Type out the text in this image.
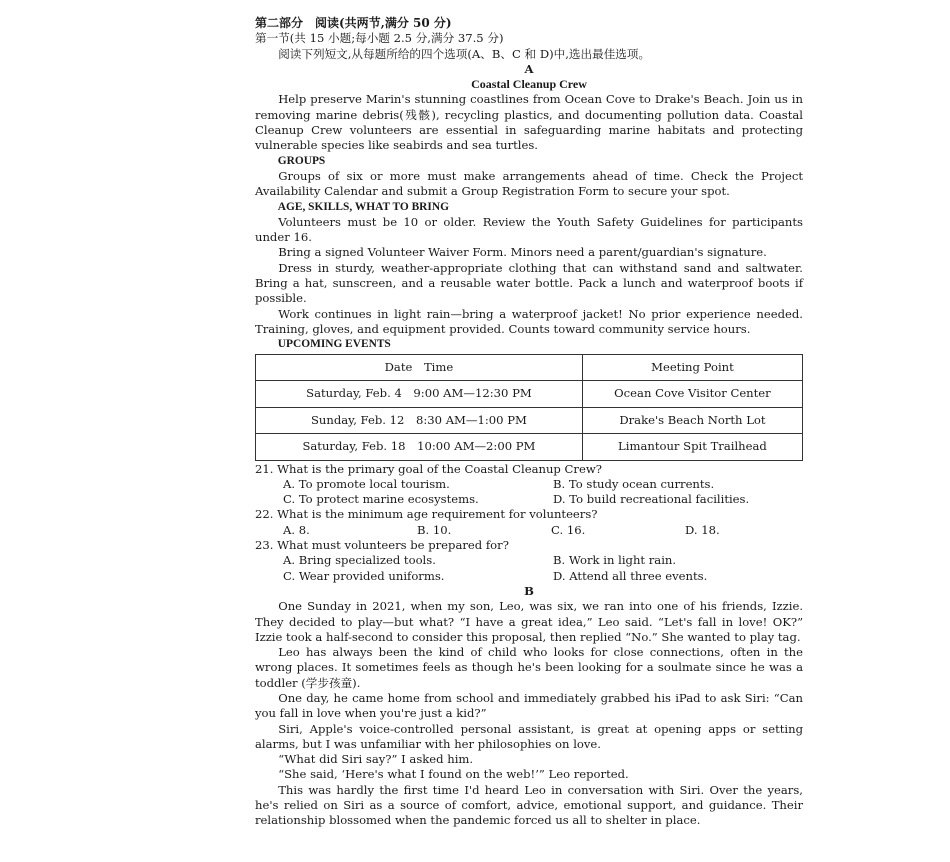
第二部分　阅读(共两节,满分 50 分)
第一节(共 15 小题;每小题 2.5 分,满分 37.5 分)

阅读下列短文,从每题所给的四个选项(A、B、C 和 D)中,选出最佳选项。

A
Coastal Cleanup Crew

Help preserve Marin's stunning coastlines from Ocean Cove to Drake's Beach. Join us in removing marine debris(残骸), recycling plastics, and documenting pollution data. Coastal Cleanup Crew volunteers are essential in safeguarding marine habitats and protecting vulnerable species like seabirds and sea turtles.

GROUPS

Groups of six or more must make arrangements ahead of time. Check the Project Availability Calendar and submit a Group Registration Form to secure your spot.

AGE, SKILLS, WHAT TO BRING

Volunteers must be 10 or older. Review the Youth Safety Guidelines for participants under 16.

Bring a signed Volunteer Waiver Form. Minors need a parent/guardian's signature.

Dress in sturdy, weather-appropriate clothing that can withstand sand and saltwater. Bring a hat, sunscreen, and a reusable water bottle. Pack a lunch and waterproof boots if possible.

Work continues in light rain—bring a waterproof jacket! No prior experience needed. Training, gloves, and equipment provided. Counts toward community service hours.

UPCOMING EVENTS
Date　Time	Meeting Point
Saturday, Feb. 4　9:00 AM—12:30 PM	Ocean Cove Visitor Center
Sunday, Feb. 12　8:30 AM—1:00 PM	Drake's Beach North Lot
Saturday, Feb. 18　10:00 AM—2:00 PM	Limantour Spit Trailhead
21. What is the primary goal of the Coastal Cleanup Crew?
A. To promote local tourism.	B. To study ocean currents.
C. To protect marine ecosystems.	D. To build recreational facilities.
22. What is the minimum age requirement for volunteers?
A. 8.	B. 10.	C. 16.	D. 18.
23. What must volunteers be prepared for?
A. Bring specialized tools.	B. Work in light rain.
C. Wear provided uniforms.	D. Attend all three events.
B

One Sunday in 2021, when my son, Leo, was six, we ran into one of his friends, Izzie. They decided to play—but what? “I have a great idea,” Leo said. “Let's fall in love! OK?” Izzie took a half-second to consider this proposal, then replied “No.” She wanted to play tag.

Leo has always been the kind of child who looks for close connections, often in the wrong places. It sometimes feels as though he's been looking for a soulmate since he was a toddler (学步孩童).

One day, he came home from school and immediately grabbed his iPad to ask Siri: “Can you fall in love when you're just a kid?”

Siri, Apple's voice-controlled personal assistant, is great at opening apps or setting alarms, but I was unfamiliar with her philosophies on love.

“What did Siri say?” I asked him.

“She said, ‘Here's what I found on the web!’” Leo reported.

This was hardly the first time I'd heard Leo in conversation with Siri. Over the years, he's relied on Siri as a source of comfort, advice, emotional support, and guidance. Their relationship blossomed when the pandemic forced us all to shelter in place.
